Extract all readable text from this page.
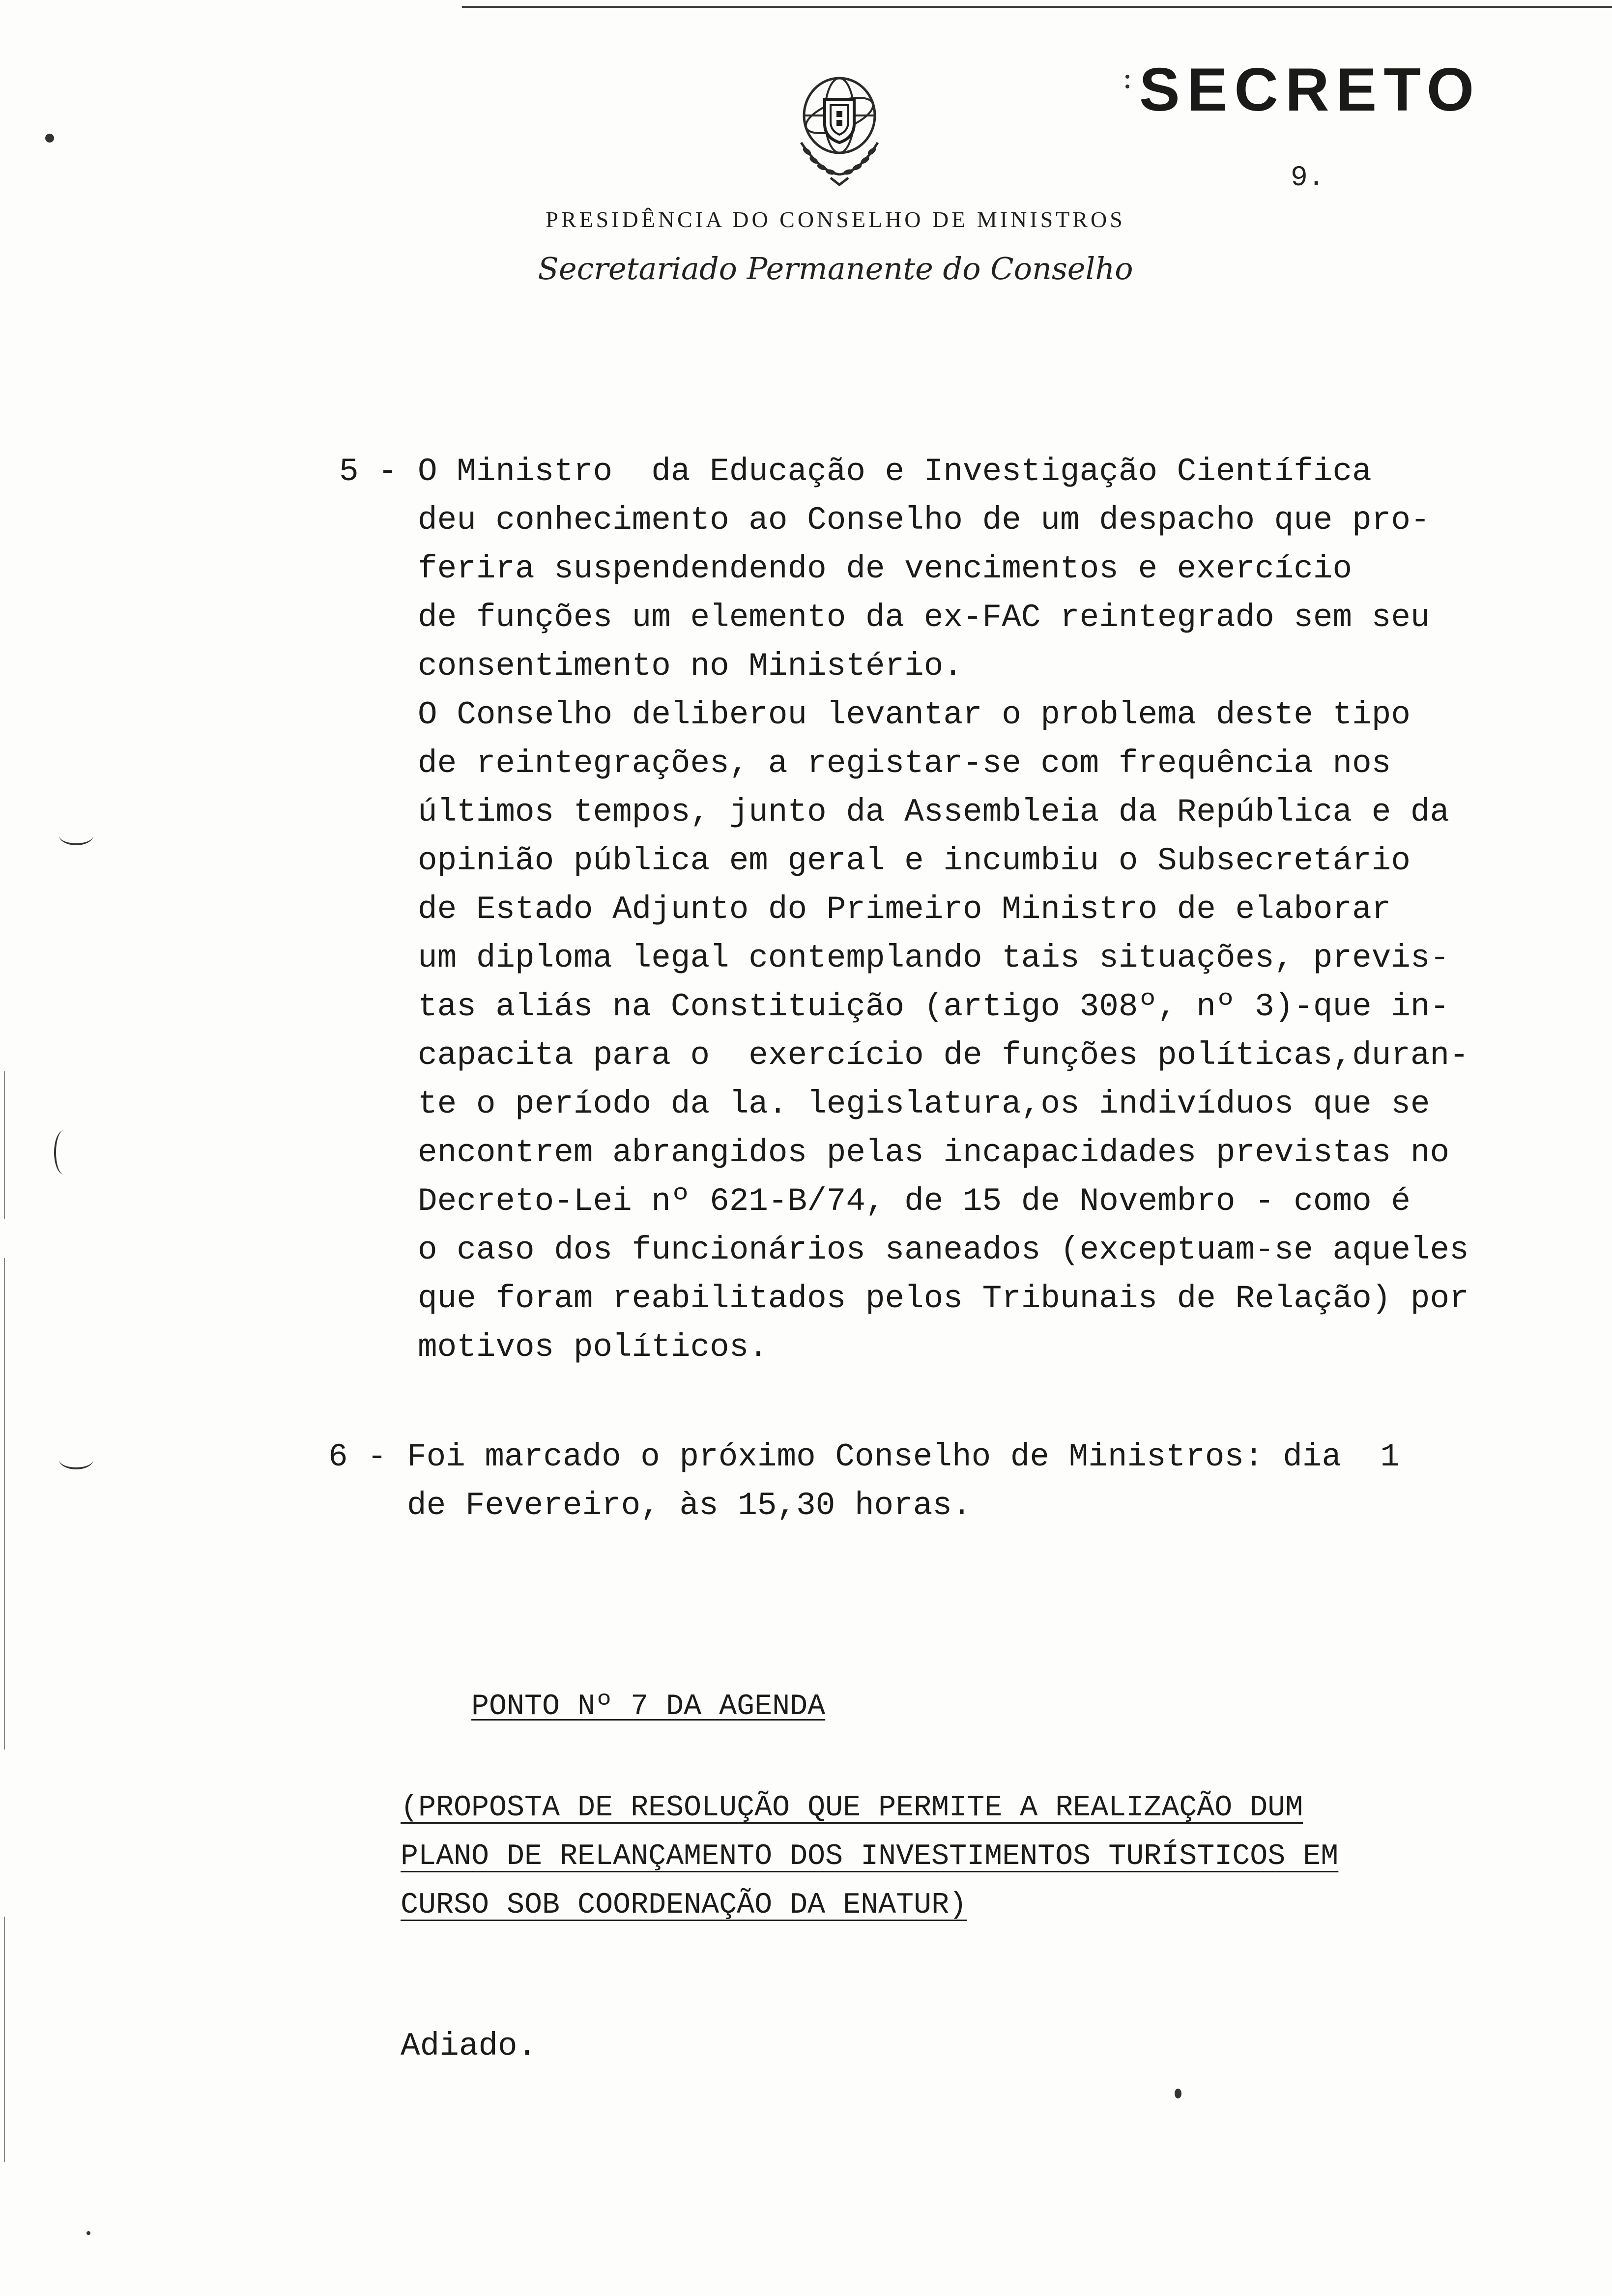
SECRETO
9.
PRESIDÊNCIA DO CONSELHO DE MINISTROS
Secretariado Permanente do Conselho
5 - O Ministro  da Educação e Investigação Científica

deu conhecimento ao Conselho de um despacho que pro-

ferira suspendendendo de vencimentos e exercício

de funções um elemento da ex-FAC reintegrado sem seu

consentimento no Ministério.

O Conselho deliberou levantar o problema deste tipo

de reintegrações, a registar-se com frequência nos

últimos tempos, junto da Assembleia da República e da

opinião pública em geral e incumbiu o Subsecretário

de Estado Adjunto do Primeiro Ministro de elaborar

um diploma legal contemplando tais situações, previs-

tas aliás na Constituição (artigo 308º, nº 3)-que in-

capacita para o  exercício de funções políticas,duran-

te o período da la. legislatura,os indivíduos que se

encontrem abrangidos pelas incapacidades previstas no

Decreto-Lei nº 621-B/74, de 15 de Novembro - como é

o caso dos funcionários saneados (exceptuam-se aqueles

que foram reabilitados pelos Tribunais de Relação) por

motivos políticos.

6 - Foi marcado o próximo Conselho de Ministros: dia  1

de Fevereiro, às 15,30 horas.

PONTO Nº 7 DA AGENDA

(PROPOSTA DE RESOLUÇÃO QUE PERMITE A REALIZAÇÃO DUM

PLANO DE RELANÇAMENTO DOS INVESTIMENTOS TURÍSTICOS EM

CURSO SOB COORDENAÇÃO DA ENATUR)

Adiado.
